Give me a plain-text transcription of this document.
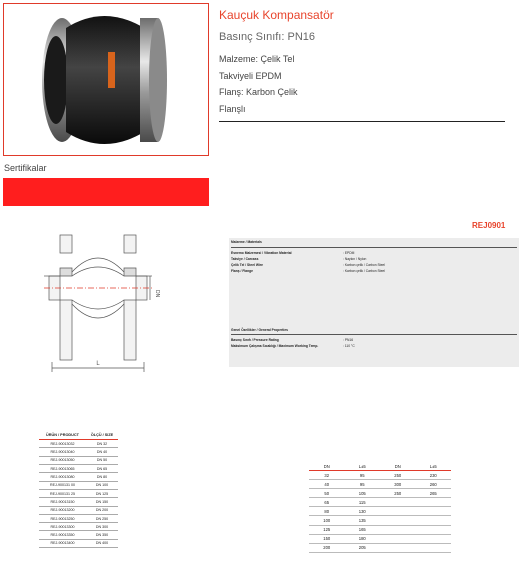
Sertifikalar
Kauçuk Kompansatör
Basınç Sınıfı: PN16
Malzeme: Çelik Tel
Takviyeli EPDM
Flanş: Karbon Çelik
Flanşlı
REJ0901
L
DN
Malzeme / Materials
Esnemo Malzemesi / Vibration Material	: EPDM
Takviye / Carcass	: Naylon / Nylon
Çelik Tel / Steel Wire	: Karbon çelik / Carbon Steel
Flanş / Flange	: Karbon çelik / Carbon Steel
Genel Özellikler / General Properties
Basınç Sınıfı / Pressure Rating	: PN16
Maksimum Çalışma Sıcaklığı / Maximum Working Temp.	: 110 °C
ÜRÜN / PRODUCT	ÖLÇÜ / SIZE
REJ-90013032	DN 32
REJ-90013040	DN 40
REJ-90013050	DN 50
REJ-90013065	DN 65
REJ-90013080	DN 80
REJ-900131 00	DN 100
REJ-900131 25	DN 125
REJ-90013150	DN 150
REJ-90013200	DN 200
REJ-90013250	DN 250
REJ-90013300	DN 300
REJ-90013350	DN 350
REJ-90013400	DN 400
DN	L±5	DN	L±5
32	95	250	230
40	95	300	260
50	105	250	265
65	115		
80	130		
100	135		
125	165		
150	180		
200	205		
